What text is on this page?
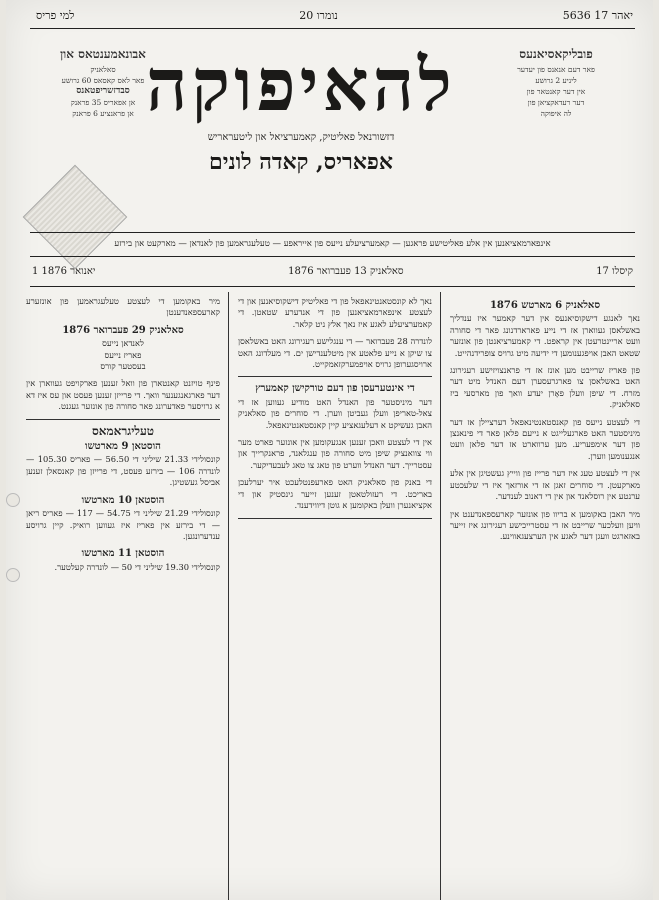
למי פריס	נומרו 20	5636 יאהר 17
אבונאמענטאס און
סאלאניק
פאר לאס קאסאס 60 גרושע
סבדזשריפטאנס
אן אפאריס 35 פראנק
אן פראנציע 6 פראנק
פובליקאסיאנעס
פאר דעם אנאנס פון יעדער
ליניע 2 גרושע
אין דער קאנטאר פון
דער רעדאקציאן פון
לה איפוקה
להאיפוקה
דזשורנאל פאליטיק, קאמערציאל און ליטעראריש
אפאריס, קאדה לונים
אינפארמאציאנען אין אלע פאליטישע פראגען — קאמערציעלע נייעס פון אייראפע — טעלעגראמען פון לאנדאן — מארקעט און בירזע
1 יאנואר 1876	סאלאניק 13 פעברואר 1876	17 קיסלו
סאלאניק 6 מארטש 1876

נאך לאנגע דישקוסיאנעס אין דער קאמער איז ענדליך באשלאסן געווארן אז די נייע פארארדנונג פאר די סחורה וועט אריינטרעטן אין קראפט. די קאמערציאנטן פון אונזער שטאט האבן אויפגענומען די ידיעה מיט גרויס צופרידנהייט.

פון פאריז שרייבט מען אונז אז די פראנצויזישע רעגירונג האט באשלאסן צו פארגרעסערן דעם האנדל מיט דער מזרח. די שיפן וועלן פאָרן יעדע וואך פון מארסעי ביז סאלאניק.

די לעצטע נייעס פון קאנסטאנטינאפאל דערציילן אז דער מיניסטער האט פארגעלייגט א נייעם פלאן פאר די פינאנצן פון דער אימפעריע. מען ערווארט אז דער פלאן וועט אנגענומען ווערן.

אין די לעצטע טעג איז דער פרייז פון ווייץ געשטיגן אין אלע מארקעטן. די סוחרים זאגן אז די אורזאך איז די שלעכטע ערנטע אין רוסלאנד און אין די דאנוב לענדער.

מיר האבן באקומען א בריוו פון אונזער קארעספאנדענט אין וויען וועלכער שרייבט אז די עסטרייכישע רעגירונג איז זייער באזארגט וועגן דער לאגע אין הערצעגאווינע.

נאך לא קונסטאנטינאפאל פון די פאליטיק דישקוסיאנען און די לעצטע אינפארמאציאנען פון די אנדערע שטאטן. די קאמערציעלע לאגע איז נאך אלץ ניט קלאר.

לונדרה 28 פעברואר — די ענגלישע רעגירונג האט באשלאסן צו שיקן א נייע פלאטע אין מיטלענדישן ים. די מעלדונג האט ארויסגערופן גרויס אויפמערקזאמקייט.

די אינטערעסן פון דעם טורקישן קאמערץ

דער מיניסטער פון האנדל האט מודיע געווען אז די צאל-טאריפן וועלן געביטן ווערן. די סוחרים פון סאלאניק האבן געשיקט א דעלעגאציע קיין קאנסטאנטינאפאל.

אין די לעצטע וואכן זענען אנגעקומען אין אונזער פארט מער ווי צוואנציק שיפן מיט סחורה פון ענגלאנד, פראנקרייך און עסטרייך. דער האנדל ווערט פון טאג צו טאג לעבעדיקער.

די באנק פון סאלאניק האט פארעפנטלעכט איר יערלעכן באריכט. די רעזולטאטן זענען זייער גינסטיק און די אקציאנערן וועלן באקומען א גוטן דיווידענד.

מיר באקומען די לעצטע טעלעגראמען פון אונזערע קארעספאנדענטן

סאלאניק 29 פעברואר 1876
לאנדאן נייעס
פאריז נייעס
בעסטער קורס

פינף טויזנט קאנטארן פון וואל זענען פארקויפט געווארן אין דער פארגאנגענער וואך. די פרייזן זענען פעסט און עס איז דא א גרויסער פאדערונג פאר סחורה פון אונזער געגנט.

טעליגראמאס
הוסטאן 9 מארטשו

קונסולידי 21.33 שיליני די 56.50 — פאריס 105.30 — לונדרה 106 — בירזע פעסט, די פרייזן פון קאנסאלן זענען אביסל געשטיגן.

הוסטאן 10 מארטשו

קונסולידי 21.29 שיליני די 54.75 — 117 — פאריס ריאן — די בירזע אין פאריז איז געווען רואיק. קיין גרויסע ענדערונגען.

הוסטאן 11 מארטשו

קונסולידי 19.30 שיליני די 50 — לונדרה קעלטער.
